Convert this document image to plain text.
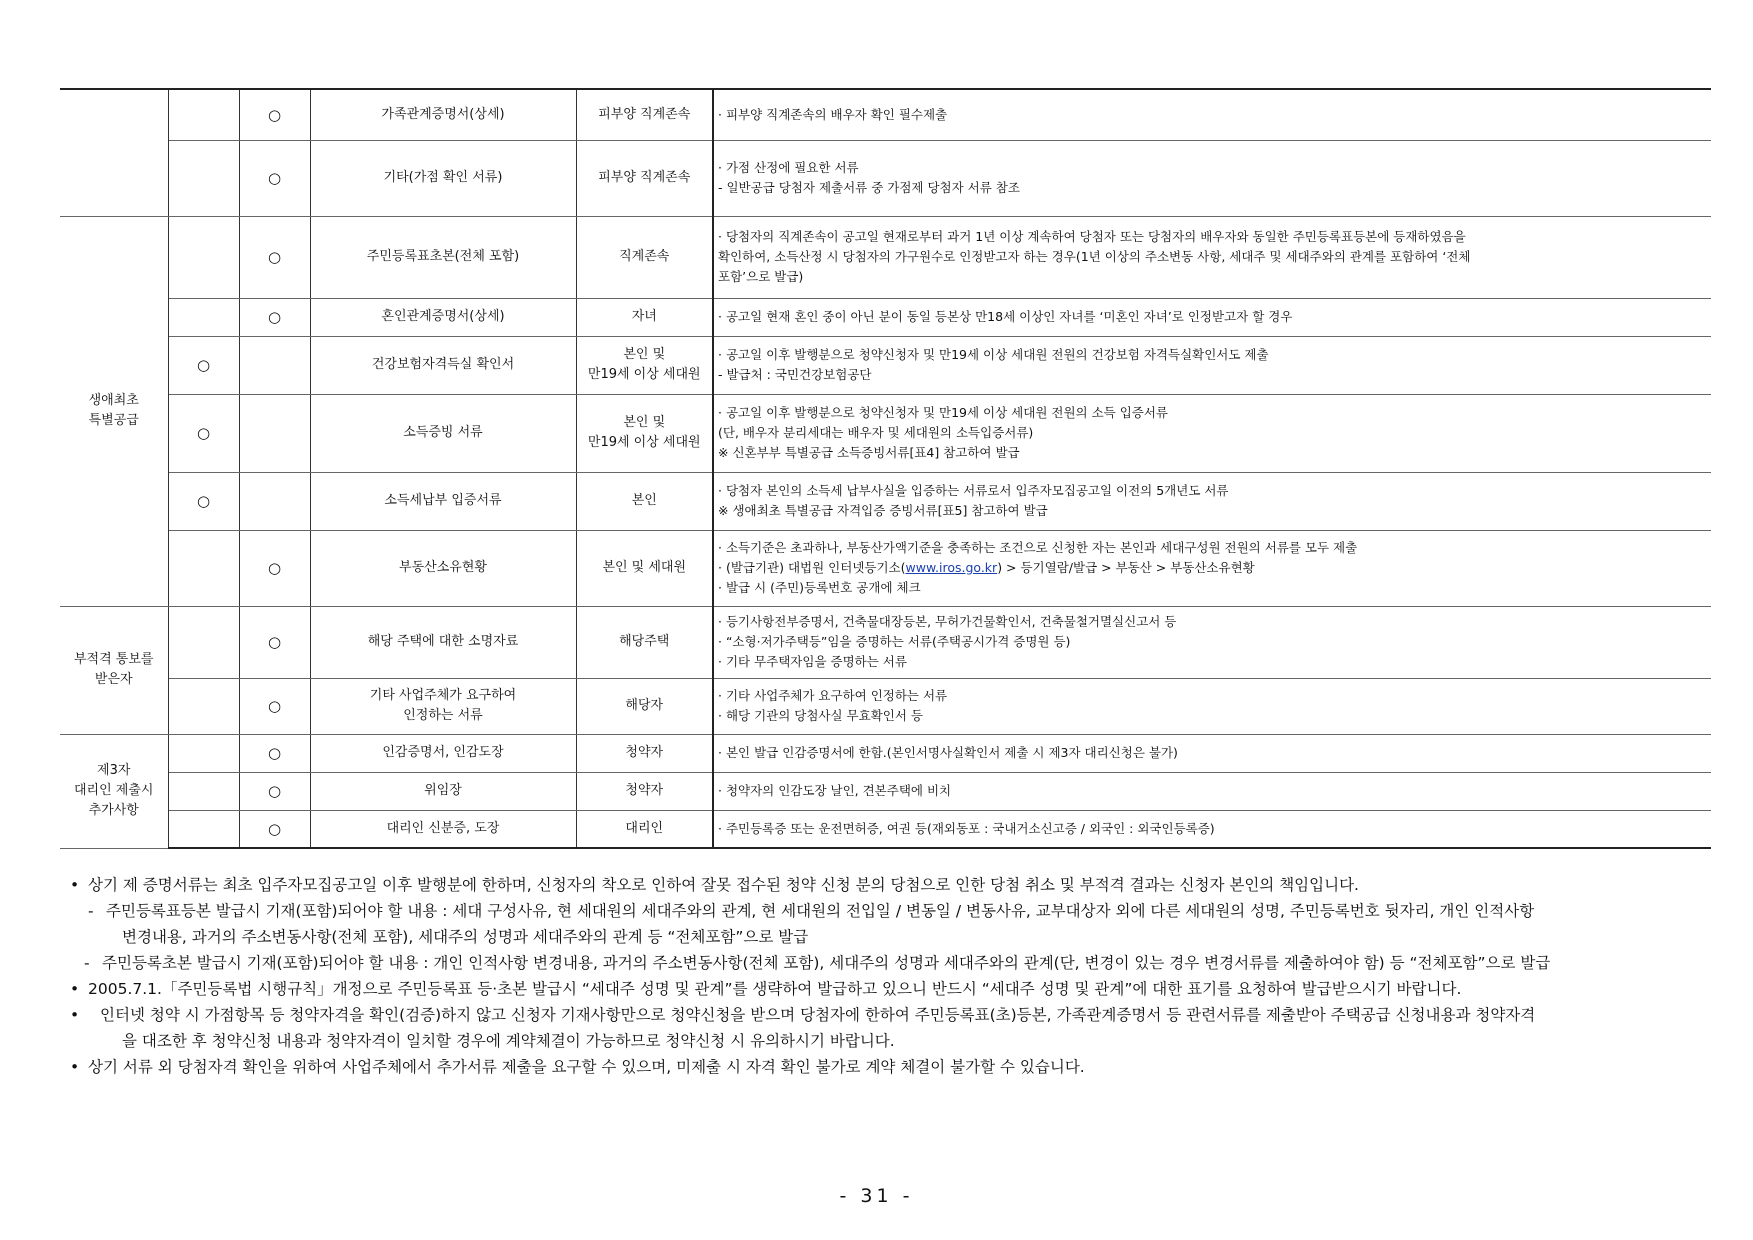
		○	가족관계증명서(상세)	피부양 직계존속	· 피부양 직계존속의 배우자 확인 필수제출
		○	기타(가점 확인 서류)	피부양 직계존속	· 가점 산정에 필요한 서류
- 일반공급 당첨자 제출서류 중 가점제 당첨자 서류 참조
생애최초
특별공급		○	주민등록표초본(전체 포함)	직계존속	· 당첨자의 직계존속이 공고일 현재로부터 과거 1년 이상 계속하여 당첨자 또는 당첨자의 배우자와 동일한 주민등록표등본에 등재하였음을
확인하여, 소득산정 시 당첨자의 가구원수로 인정받고자 하는 경우(1년 이상의 주소변동 사항, 세대주 및 세대주와의 관계를 포함하여 ‘전체
포함’으로 발급)
		○	혼인관계증명서(상세)	자녀	· 공고일 현재 혼인 중이 아닌 분이 동일 등본상 만18세 이상인 자녀를 ‘미혼인 자녀’로 인정받고자 할 경우
	○		건강보험자격득실 확인서	본인 및
만19세 이상 세대원	· 공고일 이후 발행분으로 청약신청자 및 만19세 이상 세대원 전원의 건강보험 자격득실확인서도 제출
- 발급처 : 국민건강보험공단
	○		소득증빙 서류	본인 및
만19세 이상 세대원	· 공고일 이후 발행분으로 청약신청자 및 만19세 이상 세대원 전원의 소득 입증서류
(단, 배우자 분리세대는 배우자 및 세대원의 소득입증서류)
※ 신혼부부 특별공급 소득증빙서류[표4] 참고하여 발급
	○		소득세납부 입증서류	본인	· 당첨자 본인의 소득세 납부사실을 입증하는 서류로서 입주자모집공고일 이전의 5개년도 서류
※ 생애최초 특별공급 자격입증 증빙서류[표5] 참고하여 발급
		○	부동산소유현황	본인 및 세대원	· 소득기준은 초과하나, 부동산가액기준을 충족하는 조건으로 신청한 자는 본인과 세대구성원 전원의 서류를 모두 제출
· (발급기관) 대법원 인터넷등기소(www.iros.go.kr) > 등기열람/발급 > 부동산 > 부동산소유현황
· 발급 시 (주민)등록번호 공개에 체크
부적격 통보를
받은자		○	해당 주택에 대한 소명자료	해당주택	· 등기사항전부증명서, 건축물대장등본, 무허가건물확인서, 건축물철거멸실신고서 등
· “소형·저가주택등”임을 증명하는 서류(주택공시가격 증명원 등)
· 기타 무주택자임을 증명하는 서류
		○	기타 사업주체가 요구하여
인정하는 서류	해당자	· 기타 사업주체가 요구하여 인정하는 서류
· 해당 기관의 당첨사실 무효확인서 등
제3자
대리인 제출시
추가사항		○	인감증명서, 인감도장	청약자	· 본인 발급 인감증명서에 한함.(본인서명사실확인서 제출 시 제3자 대리신청은 불가)
		○	위임장	청약자	· 청약자의 인감도장 날인, 견본주택에 비치
		○	대리인 신분증, 도장	대리인	· 주민등록증 또는 운전면허증, 여권 등(재외동포 : 국내거소신고증 / 외국인 : 외국인등록증)
• 상기 제 증명서류는 최초 입주자모집공고일 이후 발행분에 한하며, 신청자의 착오로 인하여 잘못 접수된 청약 신청 분의 당첨으로 인한 당첨 취소 및 부적격 결과는 신청자 본인의 책임입니다.
- 주민등록표등본 발급시 기재(포함)되어야 할 내용 : 세대 구성사유, 현 세대원의 세대주와의 관계, 현 세대원의 전입일 / 변동일 / 변동사유, 교부대상자 외에 다른 세대원의 성명, 주민등록번호 뒷자리, 개인 인적사항
변경내용, 과거의 주소변동사항(전체 포함), 세대주의 성명과 세대주와의 관계 등 “전체포함”으로 발급
- 주민등록초본 발급시 기재(포함)되어야 할 내용 : 개인 인적사항 변경내용, 과거의 주소변동사항(전체 포함), 세대주의 성명과 세대주와의 관계(단, 변경이 있는 경우 변경서류를 제출하여야 함) 등 “전체포함”으로 발급
• 2005.7.1.「주민등록법 시행규칙」개정으로 주민등록표 등·초본 발급시 “세대주 성명 및 관계”를 생략하여 발급하고 있으니 반드시 “세대주 성명 및 관계”에 대한 표기를 요청하여 발급받으시기 바랍니다.
• 인터넷 청약 시 가점항목 등 청약자격을 확인(검증)하지 않고 신청자 기재사항만으로 청약신청을 받으며 당첨자에 한하여 주민등록표(초)등본, 가족관계증명서 등 관련서류를 제출받아 주택공급 신청내용과 청약자격
을 대조한 후 청약신청 내용과 청약자격이 일치할 경우에 계약체결이 가능하므로 청약신청 시 유의하시기 바랍니다.
• 상기 서류 외 당첨자격 확인을 위하여 사업주체에서 추가서류 제출을 요구할 수 있으며, 미제출 시 자격 확인 불가로 계약 체결이 불가할 수 있습니다.
- 31 -
